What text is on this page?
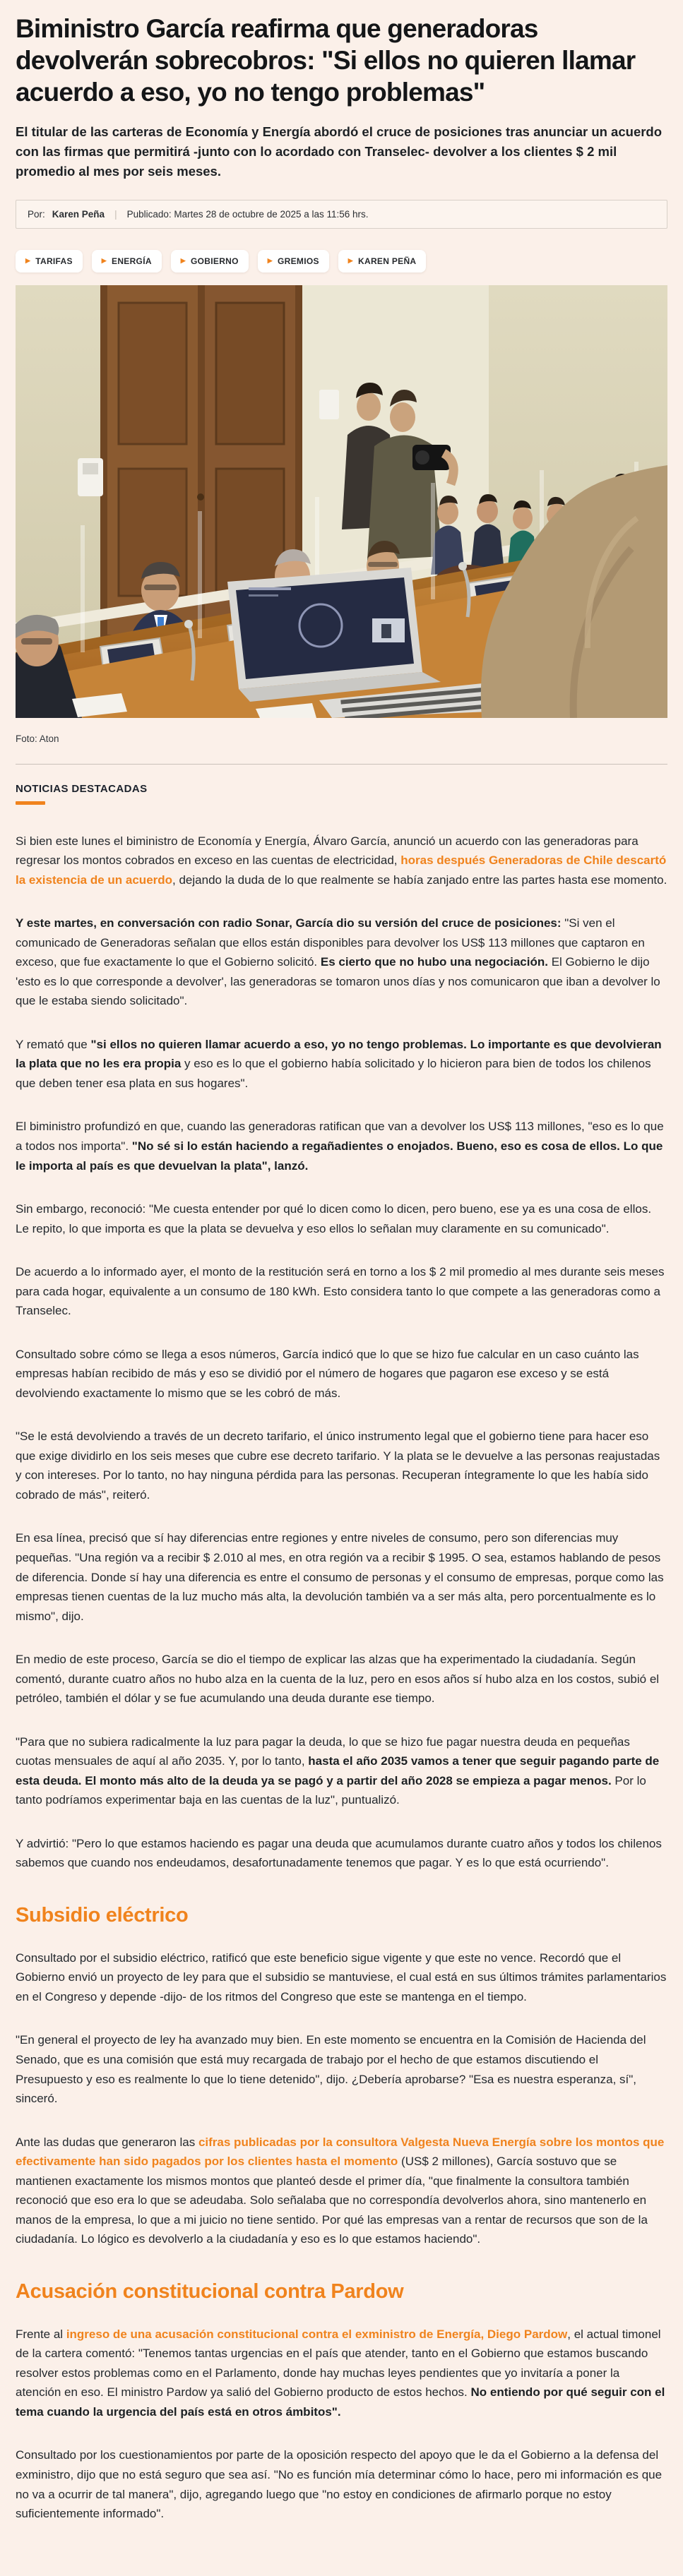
Biministro García reafirma que generadoras devolverán sobrecobros: "Si ellos no quieren llamar acuerdo a eso, yo no tengo problemas"

El titular de las carteras de Economía y Energía abordó el cruce de posiciones tras anunciar un acuerdo con las firmas que permitirá -junto con lo acordado con Transelec- devolver a los clientes $ 2 mil promedio al mes por seis meses.

Por: Karen Peña | Publicado: Martes 28 de octubre de 2025 a las 11:56 hrs.
▶ TARIFAS	▶ ENERGÍA	▶ GOBIERNO	▶ GREMIOS	▶ KAREN PEÑA
Foto: Aton
NOTICIAS DESTACADAS

Si bien este lunes el biministro de Economía y Energía, Álvaro García, anunció un acuerdo con las generadoras para regresar los montos cobrados en exceso en las cuentas de electricidad, horas después Generadoras de Chile descartó la existencia de un acuerdo, dejando la duda de lo que realmente se había zanjado entre las partes hasta ese momento.

Y este martes, en conversación con radio Sonar, García dio su versión del cruce de posiciones: "Si ven el comunicado de Generadoras señalan que ellos están disponibles para devolver los US$ 113 millones que captaron en exceso, que fue exactamente lo que el Gobierno solicitó. Es cierto que no hubo una negociación. El Gobierno le dijo 'esto es lo que corresponde a devolver', las generadoras se tomaron unos días y nos comunicaron que iban a devolver lo que le estaba siendo solicitado".

Y remató que "si ellos no quieren llamar acuerdo a eso, yo no tengo problemas. Lo importante es que devolvieran la plata que no les era propia y eso es lo que el gobierno había solicitado y lo hicieron para bien de todos los chilenos que deben tener esa plata en sus hogares".

El biministro profundizó en que, cuando las generadoras ratifican que van a devolver los US$ 113 millones, "eso es lo que a todos nos importa". "No sé si lo están haciendo a regañadientes o enojados. Bueno, eso es cosa de ellos. Lo que le importa al país es que devuelvan la plata", lanzó.

Sin embargo, reconoció: "Me cuesta entender por qué lo dicen como lo dicen, pero bueno, ese ya es una cosa de ellos. Le repito, lo que importa es que la plata se devuelva y eso ellos lo señalan muy claramente en su comunicado".

De acuerdo a lo informado ayer, el monto de la restitución será en torno a los $ 2 mil promedio al mes durante seis meses para cada hogar, equivalente a un consumo de 180 kWh. Esto considera tanto lo que compete a las generadoras como a Transelec.

Consultado sobre cómo se llega a esos números, García indicó que lo que se hizo fue calcular en un caso cuánto las empresas habían recibido de más y eso se dividió por el número de hogares que pagaron ese exceso y se está devolviendo exactamente lo mismo que se les cobró de más.

"Se le está devolviendo a través de un decreto tarifario, el único instrumento legal que el gobierno tiene para hacer eso que exige dividirlo en los seis meses que cubre ese decreto tarifario. Y la plata se le devuelve a las personas reajustadas y con intereses. Por lo tanto, no hay ninguna pérdida para las personas. Recuperan íntegramente lo que les había sido cobrado de más", reiteró.

En esa línea, precisó que sí hay diferencias entre regiones y entre niveles de consumo, pero son diferencias muy pequeñas. "Una región va a recibir $ 2.010 al mes, en otra región va a recibir $ 1995. O sea, estamos hablando de pesos de diferencia. Donde sí hay una diferencia es entre el consumo de personas y el consumo de empresas, porque como las empresas tienen cuentas de la luz mucho más alta, la devolución también va a ser más alta, pero porcentualmente es lo mismo", dijo.

En medio de este proceso, García se dio el tiempo de explicar las alzas que ha experimentado la ciudadanía. Según comentó, durante cuatro años no hubo alza en la cuenta de la luz, pero en esos años sí hubo alza en los costos, subió el petróleo, también el dólar y se fue acumulando una deuda durante ese tiempo.

"Para que no subiera radicalmente la luz para pagar la deuda, lo que se hizo fue pagar nuestra deuda en pequeñas cuotas mensuales de aquí al año 2035. Y, por lo tanto, hasta el año 2035 vamos a tener que seguir pagando parte de esta deuda. El monto más alto de la deuda ya se pagó y a partir del año 2028 se empieza a pagar menos. Por lo tanto podríamos experimentar baja en las cuentas de la luz", puntualizó.

Y advirtió: "Pero lo que estamos haciendo es pagar una deuda que acumulamos durante cuatro años y todos los chilenos sabemos que cuando nos endeudamos, desafortunadamente tenemos que pagar. Y es lo que está ocurriendo".

Subsidio eléctrico

Consultado por el subsidio eléctrico, ratificó que este beneficio sigue vigente y que este no vence. Recordó que el Gobierno envió un proyecto de ley para que el subsidio se mantuviese, el cual está en sus últimos trámites parlamentarios en el Congreso y depende -dijo- de los ritmos del Congreso que este se mantenga en el tiempo.

"En general el proyecto de ley ha avanzado muy bien. En este momento se encuentra en la Comisión de Hacienda del Senado, que es una comisión que está muy recargada de trabajo por el hecho de que estamos discutiendo el Presupuesto y eso es realmente lo que lo tiene detenido", dijo. ¿Debería aprobarse? "Esa es nuestra esperanza, sí", sinceró.

Ante las dudas que generaron las cifras publicadas por la consultora Valgesta Nueva Energía sobre los montos que efectivamente han sido pagados por los clientes hasta el momento (US$ 2 millones), García sostuvo que se mantienen exactamente los mismos montos que planteó desde el primer día, "que finalmente la consultora también reconoció que eso era lo que se adeudaba. Solo señalaba que no correspondía devolverlos ahora, sino mantenerlo en manos de la empresa, lo que a mi juicio no tiene sentido. Por qué las empresas van a rentar de recursos que son de la ciudadanía. Lo lógico es devolverlo a la ciudadanía y eso es lo que estamos haciendo".

Acusación constitucional contra Pardow

Frente al ingreso de una acusación constitucional contra el exministro de Energía, Diego Pardow, el actual timonel de la cartera comentó: "Tenemos tantas urgencias en el país que atender, tanto en el Gobierno que estamos buscando resolver estos problemas como en el Parlamento, donde hay muchas leyes pendientes que yo invitaría a poner la atención en eso. El ministro Pardow ya salió del Gobierno producto de estos hechos. No entiendo por qué seguir con el tema cuando la urgencia del país está en otros ámbitos".

Consultado por los cuestionamientos por parte de la oposición respecto del apoyo que le da el Gobierno a la defensa del exministro, dijo que no está seguro que sea así. "No es función mía determinar cómo lo hace, pero mi información es que no va a ocurrir de tal manera", dijo, agregando luego que "no estoy en condiciones de afirmarlo porque no estoy suficientemente informado".
